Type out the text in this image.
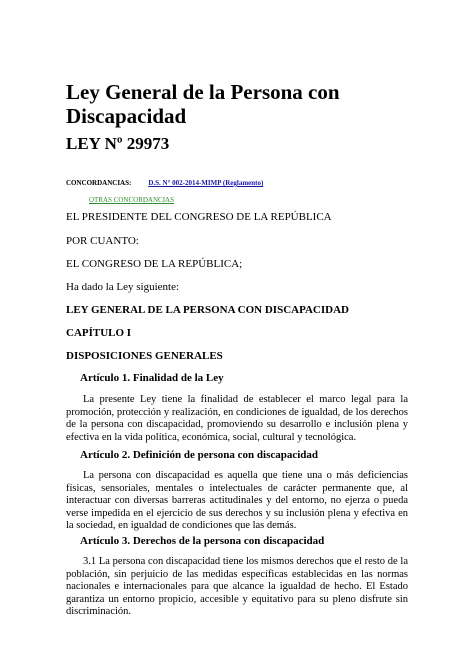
Ley General de la Persona con
Discapacidad
LEY Nº 29973
CONCORDANCIAS: D.S. N° 002-2014-MIMP (Reglamento)
OTRAS CONCORDANCIAS
EL PRESIDENTE DEL CONGRESO DE LA REPÚBLICA
POR CUANTO:
EL CONGRESO DE LA REPÚBLICA;
Ha dado la Ley siguiente:
LEY GENERAL DE LA PERSONA CON DISCAPACIDAD
CAPÍTULO I
DISPOSICIONES GENERALES
Artículo 1. Finalidad de la Ley
La presente Ley tiene la finalidad de establecer el marco legal para la promoción, protección y realización, en condiciones de igualdad, de los derechos de la persona con discapacidad, promoviendo su desarrollo e inclusión plena y efectiva en la vida política, económica, social, cultural y tecnológica.
Artículo 2. Definición de persona con discapacidad
La persona con discapacidad es aquella que tiene una o más deficiencias físicas, sensoriales, mentales o intelectuales de carácter permanente que, al interactuar con diversas barreras actitudinales y del entorno, no ejerza o pueda verse impedida en el ejercicio de sus derechos y su inclusión plena y efectiva en la sociedad, en igualdad de condiciones que las demás.
Artículo 3. Derechos de la persona con discapacidad
3.1 La persona con discapacidad tiene los mismos derechos que el resto de la población, sin perjuicio de las medidas específicas establecidas en las normas nacionales e internacionales para que alcance la igualdad de hecho. El Estado garantiza un entorno propicio, accesible y equitativo para su pleno disfrute sin discriminación.
